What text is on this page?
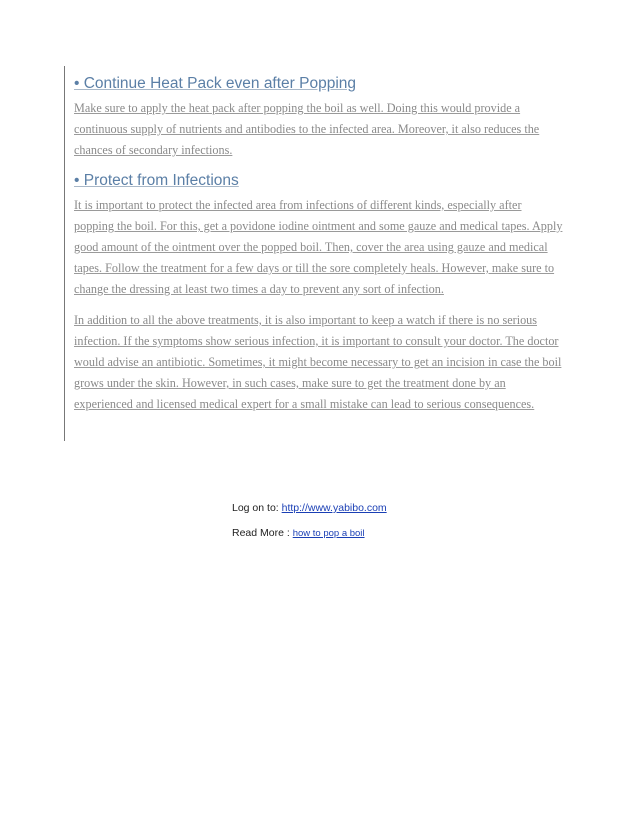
• Continue Heat Pack even after Popping

Make sure to apply the heat pack after popping the boil as well. Doing this would provide a continuous supply of nutrients and antibodies to the infected area. Moreover, it also reduces the chances of secondary infections.

• Protect from Infections

It is important to protect the infected area from infections of different kinds, especially after popping the boil. For this, get a povidone iodine ointment and some gauze and medical tapes. Apply good amount of the ointment over the popped boil. Then, cover the area using gauze and medical tapes. Follow the treatment for a few days or till the sore completely heals. However, make sure to change the dressing at least two times a day to prevent any sort of infection.

In addition to all the above treatments, it is also important to keep a watch if there is no serious infection. If the symptoms show serious infection, it is important to consult your doctor. The doctor would advise an antibiotic. Sometimes, it might become necessary to get an incision in case the boil grows under the skin. However, in such cases, make sure to get the treatment done by an experienced and licensed medical expert for a small mistake can lead to serious consequences.

Log on to: http://www.yabibo.com
Read More : how to pop a boil
